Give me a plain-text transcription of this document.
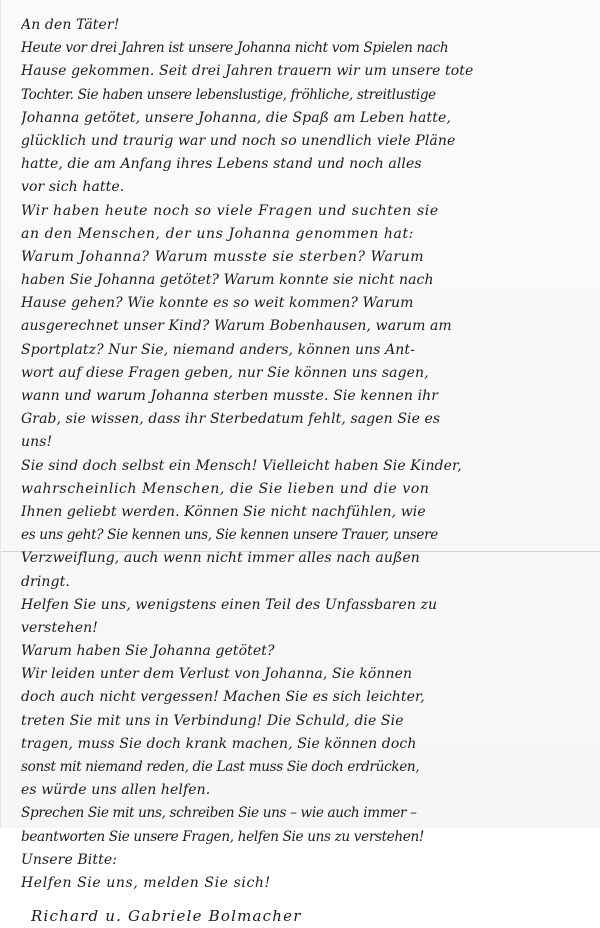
An den Täter!
Heute vor drei Jahren ist unsere Johanna nicht vom Spielen nach
Hause gekommen. Seit drei Jahren trauern wir um unsere tote
Tochter. Sie haben unsere lebenslustige, fröhliche, streitlustige
Johanna getötet, unsere Johanna, die Spaß am Leben hatte,
glücklich und traurig war und noch so unendlich viele Pläne
hatte, die am Anfang ihres Lebens stand und noch alles
vor sich hatte.
Wir haben heute noch so viele Fragen und suchten sie
an den Menschen, der uns Johanna genommen hat:
Warum Johanna? Warum musste sie sterben? Warum
haben Sie Johanna getötet? Warum konnte sie nicht nach
Hause gehen? Wie konnte es so weit kommen? Warum
ausgerechnet unser Kind? Warum Bobenhausen, warum am
Sportplatz? Nur Sie, niemand anders, können uns Ant-
wort auf diese Fragen geben, nur Sie können uns sagen,
wann und warum Johanna sterben musste. Sie kennen ihr
Grab, sie wissen, dass ihr Sterbedatum fehlt, sagen Sie es
uns!
Sie sind doch selbst ein Mensch! Vielleicht haben Sie Kinder,
wahrscheinlich Menschen, die Sie lieben und die von
Ihnen geliebt werden. Können Sie nicht nachfühlen, wie
es uns geht? Sie kennen uns, Sie kennen unsere Trauer, unsere
Verzweiflung, auch wenn nicht immer alles nach außen
dringt.
Helfen Sie uns, wenigstens einen Teil des Unfassbaren zu
verstehen!
Warum haben Sie Johanna getötet?
Wir leiden unter dem Verlust von Johanna, Sie können
doch auch nicht vergessen! Machen Sie es sich leichter,
treten Sie mit uns in Verbindung! Die Schuld, die Sie
tragen, muss Sie doch krank machen, Sie können doch
sonst mit niemand reden, die Last muss Sie doch erdrücken,
es würde uns allen helfen.
Sprechen Sie mit uns, schreiben Sie uns – wie auch immer –
beantworten Sie unsere Fragen, helfen Sie uns zu verstehen!
Unsere Bitte:
Helfen Sie uns, melden Sie sich!
Richard u. Gabriele Bolmacher
